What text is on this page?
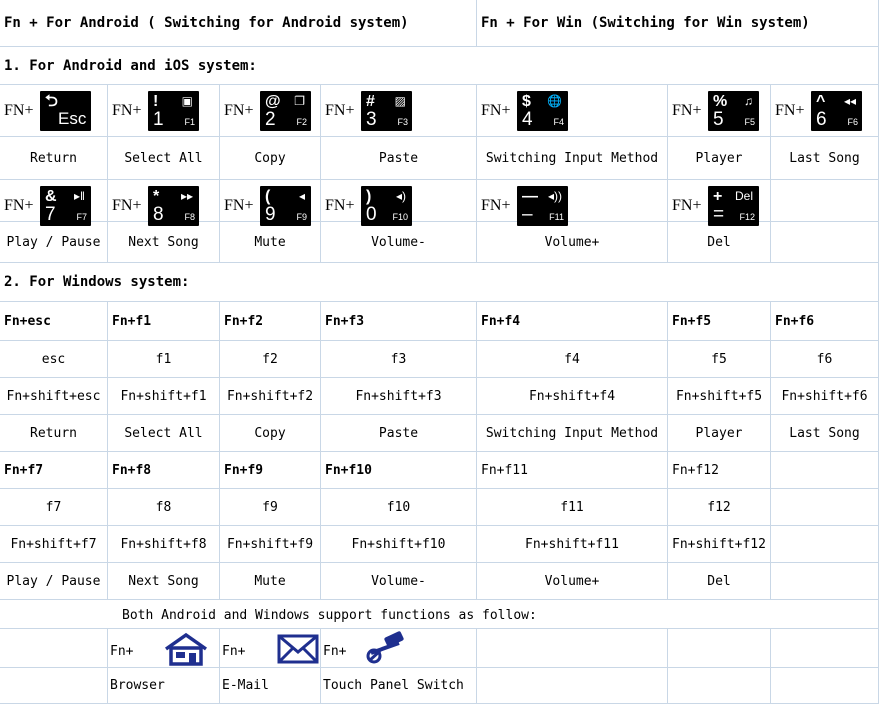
Fn + For Android ( Switching for Android system)	Fn + For Win (Switching for Win system)
1. For Android and iOS system:
FN+
⮌
Esc
Return
FN+
!
1
▣
F1
Select All
FN+
@
2
❐
F2
Copy
FN+
#
3
▨
F3
Paste
FN+
$
4
🌐
F4
Switching Input Method
FN+
%
5
♫
F5
Player
FN+
^
6
◂◂
F6
Last Song
FN+
&
7
▸‖
F7
Play / Pause
FN+
*
8
▸▸
F8
Next Song
FN+
(
9
◂
F9
Mute
FN+
)
0
◂)
F10
Volume-
FN+
—
–
◂))
F11
Volume+
FN+
+
=
Del
F12
Del
2. For Windows system:
Fn+esc
esc
Fn+shift+esc
Return
Fn+f1
f1
Fn+shift+f1
Select All
Fn+f2
f2
Fn+shift+f2
Copy
Fn+f3
f3
Fn+shift+f3
Paste
Fn+f4
f4
Fn+shift+f4
Switching Input Method
Fn+f5
f5
Fn+shift+f5
Player
Fn+f6
f6
Fn+shift+f6
Last Song
Fn+f7
f7
Fn+shift+f7
Play / Pause
Fn+f8
f8
Fn+shift+f8
Next Song
Fn+f9
f9
Fn+shift+f9
Mute
Fn+f10
f10
Fn+shift+f10
Volume-
Fn+f11
f11
Fn+shift+f11
Volume+
Fn+f12
f12
Fn+shift+f12
Del
Both Android and Windows support functions as follow:
Fn+
Browser
Fn+
E-Mail
Fn+
Touch Panel Switch
